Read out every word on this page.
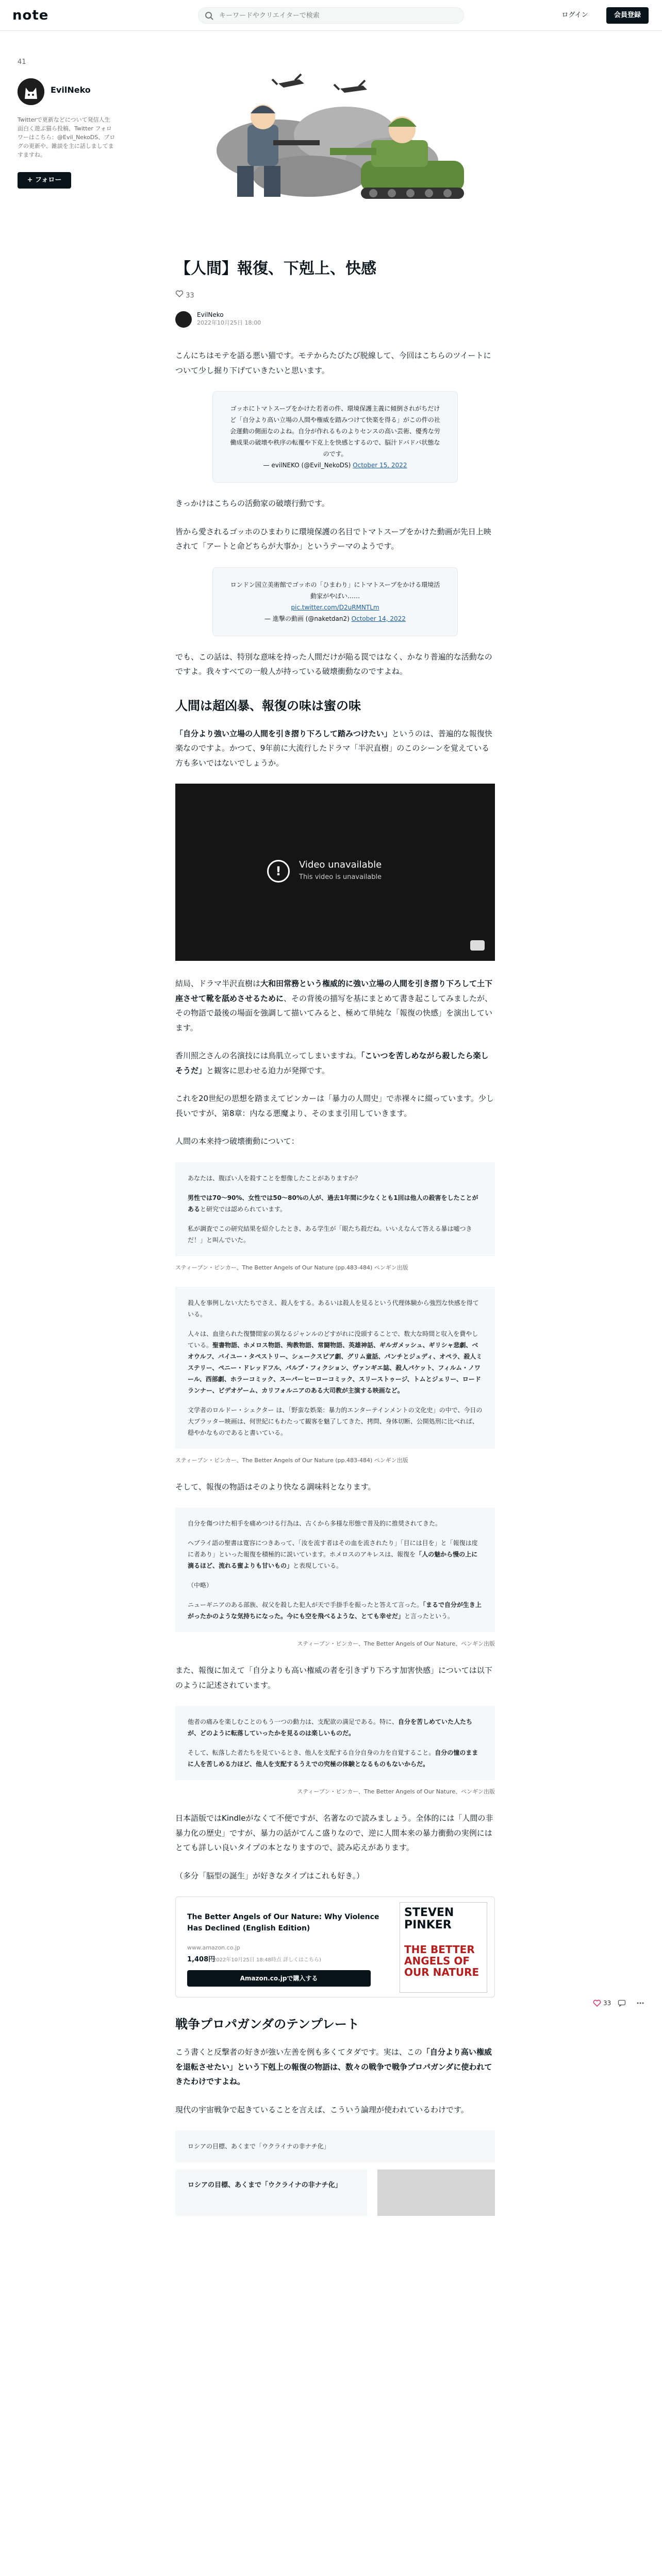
note
キーワードやクリエイターで検索	ログイン	会員登録
41
EvilNeko
Twitterで更新などについて発信人生面白く遊ぶ猫ら投稿、Twitter フォロワーはこちら：@Evil_NekoDS、ブログの更新や、雑談を主に話しましてますますね。
+ フォロー
【人間】報復、下剋上、快感
33
EvilNeko
2022年10月25日 18:00

こんにちはモテを語る悪い猫です。モテからたびたび脱線して、今回はこちらのツイートについて少し掘り下げていきたいと思います。

ゴッホにトマトスープをかけた若者の件、環境保護主義に傾倒されがちだけど「自分より高い立場の人間や権威を踏みつけて快楽を得る」がこの件の社会運動の側面なのよね。自分が作れるものよりセンスの高い芸術、優秀な労働成果の破壊や秩序の転覆や下克上を快感とするので、脳汁ドバドバ状態なのです。
— evilNEKO (@Evil_NekoDS) October 15, 2022

きっかけはこちらの活動家の破壊行動です。

皆から愛されるゴッホのひまわりに環境保護の名目でトマトスープをかけた動画が先日上映されて「アートと命どちらが大事か」というテーマのようです。

ロンドン国立美術館でゴッホの「ひまわり」にトマトスープをかける環境活動家がやばい……
pic.twitter.com/D2uRMNTLm
— 進撃の動画 (@naketdan2) October 14, 2022

でも、この話は、特別な意味を持った人間だけが陥る罠ではなく、かなり普遍的な活動なのですよ。我々すべての一般人が持っている破壊衝動なのですよね。

人間は超凶暴、報復の味は蜜の味

「自分より強い立場の人間を引き摺り下ろして踏みつけたい」というのは、普遍的な報復快楽なのですよ。かつて、9年前に大流行したドラマ「半沢直樹」のこのシーンを覚えている方も多いではないでしょうか。

!	Video unavailable
This video is unavailable

結局、ドラマ半沢直樹は大和田常務という権威的に強い立場の人間を引き摺り下ろして土下座させて靴を舐めさせるために、その背後の描写を基にまとめて書き起こしてみましたが、その物語で最後の場面を強調して描いてみると、極めて単純な「報復の快感」を演出しています。

香川照之さんの名演技には鳥肌立ってしまいますね。「こいつを苦しめながら殺したら楽しそうだ」と観客に思わせる迫力が発揮です。

これを20世紀の思想を踏まえてピンカーは「暴力の人間史」で赤裸々に綴っています。少し長いですが、第8章：内なる悪魔より、そのまま引用していきます。

人間の本来持つ破壊衝動について：

あなたは、腹ぼい人を殺すことを想像したことがありますか？

男性では70〜90%、女性では50〜80%の人が、過去1年間に少なくとも1回は他人の殺害をしたことがあると研究では認められています。

私が調査でこの研究結果を紹介したとき、ある学生が「眼たち殺だね。いいえなんて答える暴は嘘つきだ！」と叫んでいた。

スティーブン・ピンカー、The Better Angels of Our Nature (pp.483-484) ペンギン出版

殺人を事例しない大たちでさえ、殺人をする。あるいは殺人を見るという代理体験から強烈な快感を得ている。

人々は、血塗られた復讐間家の異なるジャンルのどすがれに没頭することで、数大な時間と収入を費やしている。聖書物語、ホメロス物語、殉教物語、常闘物語、英雄神話、ギルガメッシュ、ギリシャ悲劇、ベオウルフ、バイユー・タペストリー、シェークスピア劇、グリム童話、パンチとジュディ、オペラ、殺人ミステリー、ペニー・ドレッドフル、パルプ・フィクション、ヴァンギエ誌、殺人パケット、フィルム・ノワール、西部劇、ホラーコミック、スーパーヒーローコミック、スリーストゥージ、トムとジェリー、ロードランナー、ビデオゲーム、カリフォルニアのある大司教が主演する映画など。

文学者のロルドー・シェクター は、「野蛮な娯楽：暴力的エンターテインメントの文化史」の中で、今日の大プラッター映画は、何世紀にもわたって観客を魅了してきた、拷問、身体切断、公開処刑に比べれば、穏やかなものであると書いている。

スティーブン・ピンカー、The Better Angels of Our Nature (pp.483-484) ペンギン出版

そして、報復の物語はそのより快なる調味料となります。

自分を傷つけた相手を痛めつける行為は、古くから多様な形態で普及的に推奨されてきた。

ヘブライ語の聖書は寛容につきあって、「汝を流す者はその血を流されたり」「目には目を」と「報復は度に者あり」といった報復を積極的に説いています。ホメロスのアキレスは、報復を「人の魅から慢の上に滴るほど、流れる蜜よりも甘いもの」と表現している。

（中略）

ニューギニアのある部族、叔父を殺した犯人が天で手掛手を振ったと答えて言った。「まるで自分が生き上がったかのような気持ちになった。今にも空を飛べるような、とても幸せだ」と言ったという。

スティーブン・ピンカー、The Better Angels of Our Nature、ペンギン出版

また、報復に加えて「自分よりも高い権威の者を引きずり下ろす加害快感」については以下のように記述されています。

他者の痛みを楽しむことのもう一つの動力は、支配欲の満足である。特に、自分を苦しめていた人たちが、どのように転落していったかを見るのは楽しいものだ。

そして、転落した者たちを見ているとき、他人を支配する自分自身の力を自覚すること。自分の憧のままに人を苦しめる力ほど、他人を支配するうえでの究極の体験となるものもないからだ。

スティーブン・ピンカー、The Better Angels of Our Nature、ペンギン出版

日本語版ではKindleがなくて不便ですが、名著なので読みましょう。全体的には「人間の非暴力化の歴史」ですが、暴力の話がてんこ盛りなので、逆に人間本来の暴力衝動の実例にはとても詳しい良いタイプの本となりますので、読み応えがあります。

（多分「脳型の誕生」が好きなタイプはこれも好き。）

The Better Angels of Our Nature: Why Violence Has Declined (English Edition)
www.amazon.co.jp
1,408円
(2022年10月25日 18:48時点 詳しくはこちら)
Amazon.co.jpで購入する
STEVEN PINKER
THE BETTER ANGELS OF OUR NATURE
戦争プロパガンダのテンプレート

こう書くと反撃者の好きが強い左善を例も多くてタダです。実は、この「自分より高い権威を退転させたい」という下剋上の報復の物語は、数々の戦争で戦争プロパガンダに使われてきたわけですよね。

現代の宇宙戦争で起きていることを言えば、こういう論理が使われているわけです。

ロシアの目標、あくまで「ウクライナの非ナチ化」

ロシアの目標、あくまで「ウクライナの非ナチ化」
33
